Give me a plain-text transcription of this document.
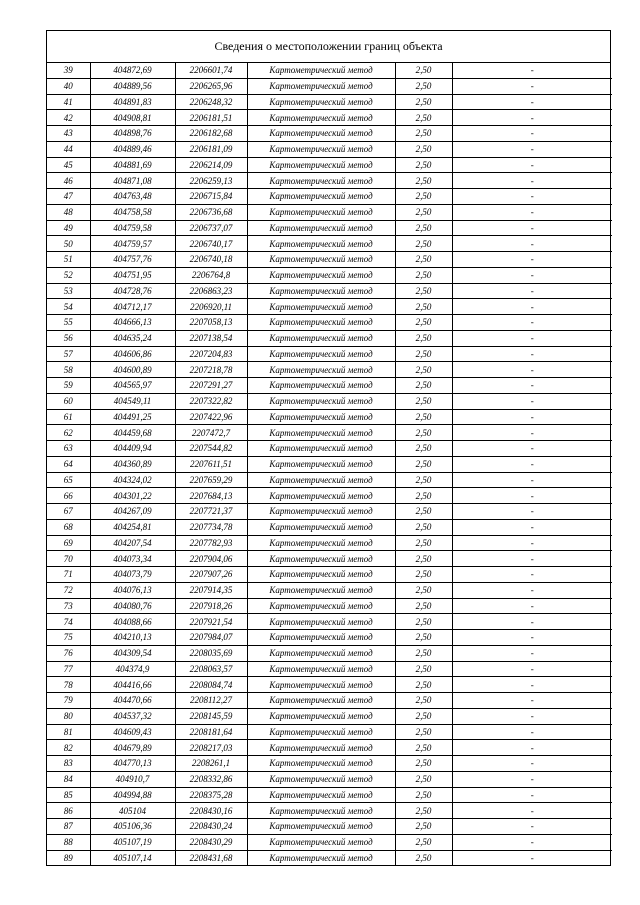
Сведения о местоположении границ объекта
39	404872,69	2206601,74	Картометрический метод	2,50	-
40	404889,56	2206265,96	Картометрический метод	2,50	-
41	404891,83	2206248,32	Картометрический метод	2,50	-
42	404908,81	2206181,51	Картометрический метод	2,50	-
43	404898,76	2206182,68	Картометрический метод	2,50	-
44	404889,46	2206181,09	Картометрический метод	2,50	-
45	404881,69	2206214,09	Картометрический метод	2,50	-
46	404871,08	2206259,13	Картометрический метод	2,50	-
47	404763,48	2206715,84	Картометрический метод	2,50	-
48	404758,58	2206736,68	Картометрический метод	2,50	-
49	404759,58	2206737,07	Картометрический метод	2,50	-
50	404759,57	2206740,17	Картометрический метод	2,50	-
51	404757,76	2206740,18	Картометрический метод	2,50	-
52	404751,95	2206764,8	Картометрический метод	2,50	-
53	404728,76	2206863,23	Картометрический метод	2,50	-
54	404712,17	2206920,11	Картометрический метод	2,50	-
55	404666,13	2207058,13	Картометрический метод	2,50	-
56	404635,24	2207138,54	Картометрический метод	2,50	-
57	404606,86	2207204,83	Картометрический метод	2,50	-
58	404600,89	2207218,78	Картометрический метод	2,50	-
59	404565,97	2207291,27	Картометрический метод	2,50	-
60	404549,11	2207322,82	Картометрический метод	2,50	-
61	404491,25	2207422,96	Картометрический метод	2,50	-
62	404459,68	2207472,7	Картометрический метод	2,50	-
63	404409,94	2207544,82	Картометрический метод	2,50	-
64	404360,89	2207611,51	Картометрический метод	2,50	-
65	404324,02	2207659,29	Картометрический метод	2,50	-
66	404301,22	2207684,13	Картометрический метод	2,50	-
67	404267,09	2207721,37	Картометрический метод	2,50	-
68	404254,81	2207734,78	Картометрический метод	2,50	-
69	404207,54	2207782,93	Картометрический метод	2,50	-
70	404073,34	2207904,06	Картометрический метод	2,50	-
71	404073,79	2207907,26	Картометрический метод	2,50	-
72	404076,13	2207914,35	Картометрический метод	2,50	-
73	404080,76	2207918,26	Картометрический метод	2,50	-
74	404088,66	2207921,54	Картометрический метод	2,50	-
75	404210,13	2207984,07	Картометрический метод	2,50	-
76	404309,54	2208035,69	Картометрический метод	2,50	-
77	404374,9	2208063,57	Картометрический метод	2,50	-
78	404416,66	2208084,74	Картометрический метод	2,50	-
79	404470,66	2208112,27	Картометрический метод	2,50	-
80	404537,32	2208145,59	Картометрический метод	2,50	-
81	404609,43	2208181,64	Картометрический метод	2,50	-
82	404679,89	2208217,03	Картометрический метод	2,50	-
83	404770,13	2208261,1	Картометрический метод	2,50	-
84	404910,7	2208332,86	Картометрический метод	2,50	-
85	404994,88	2208375,28	Картометрический метод	2,50	-
86	405104	2208430,16	Картометрический метод	2,50	-
87	405106,36	2208430,24	Картометрический метод	2,50	-
88	405107,19	2208430,29	Картометрический метод	2,50	-
89	405107,14	2208431,68	Картометрический метод	2,50	-
